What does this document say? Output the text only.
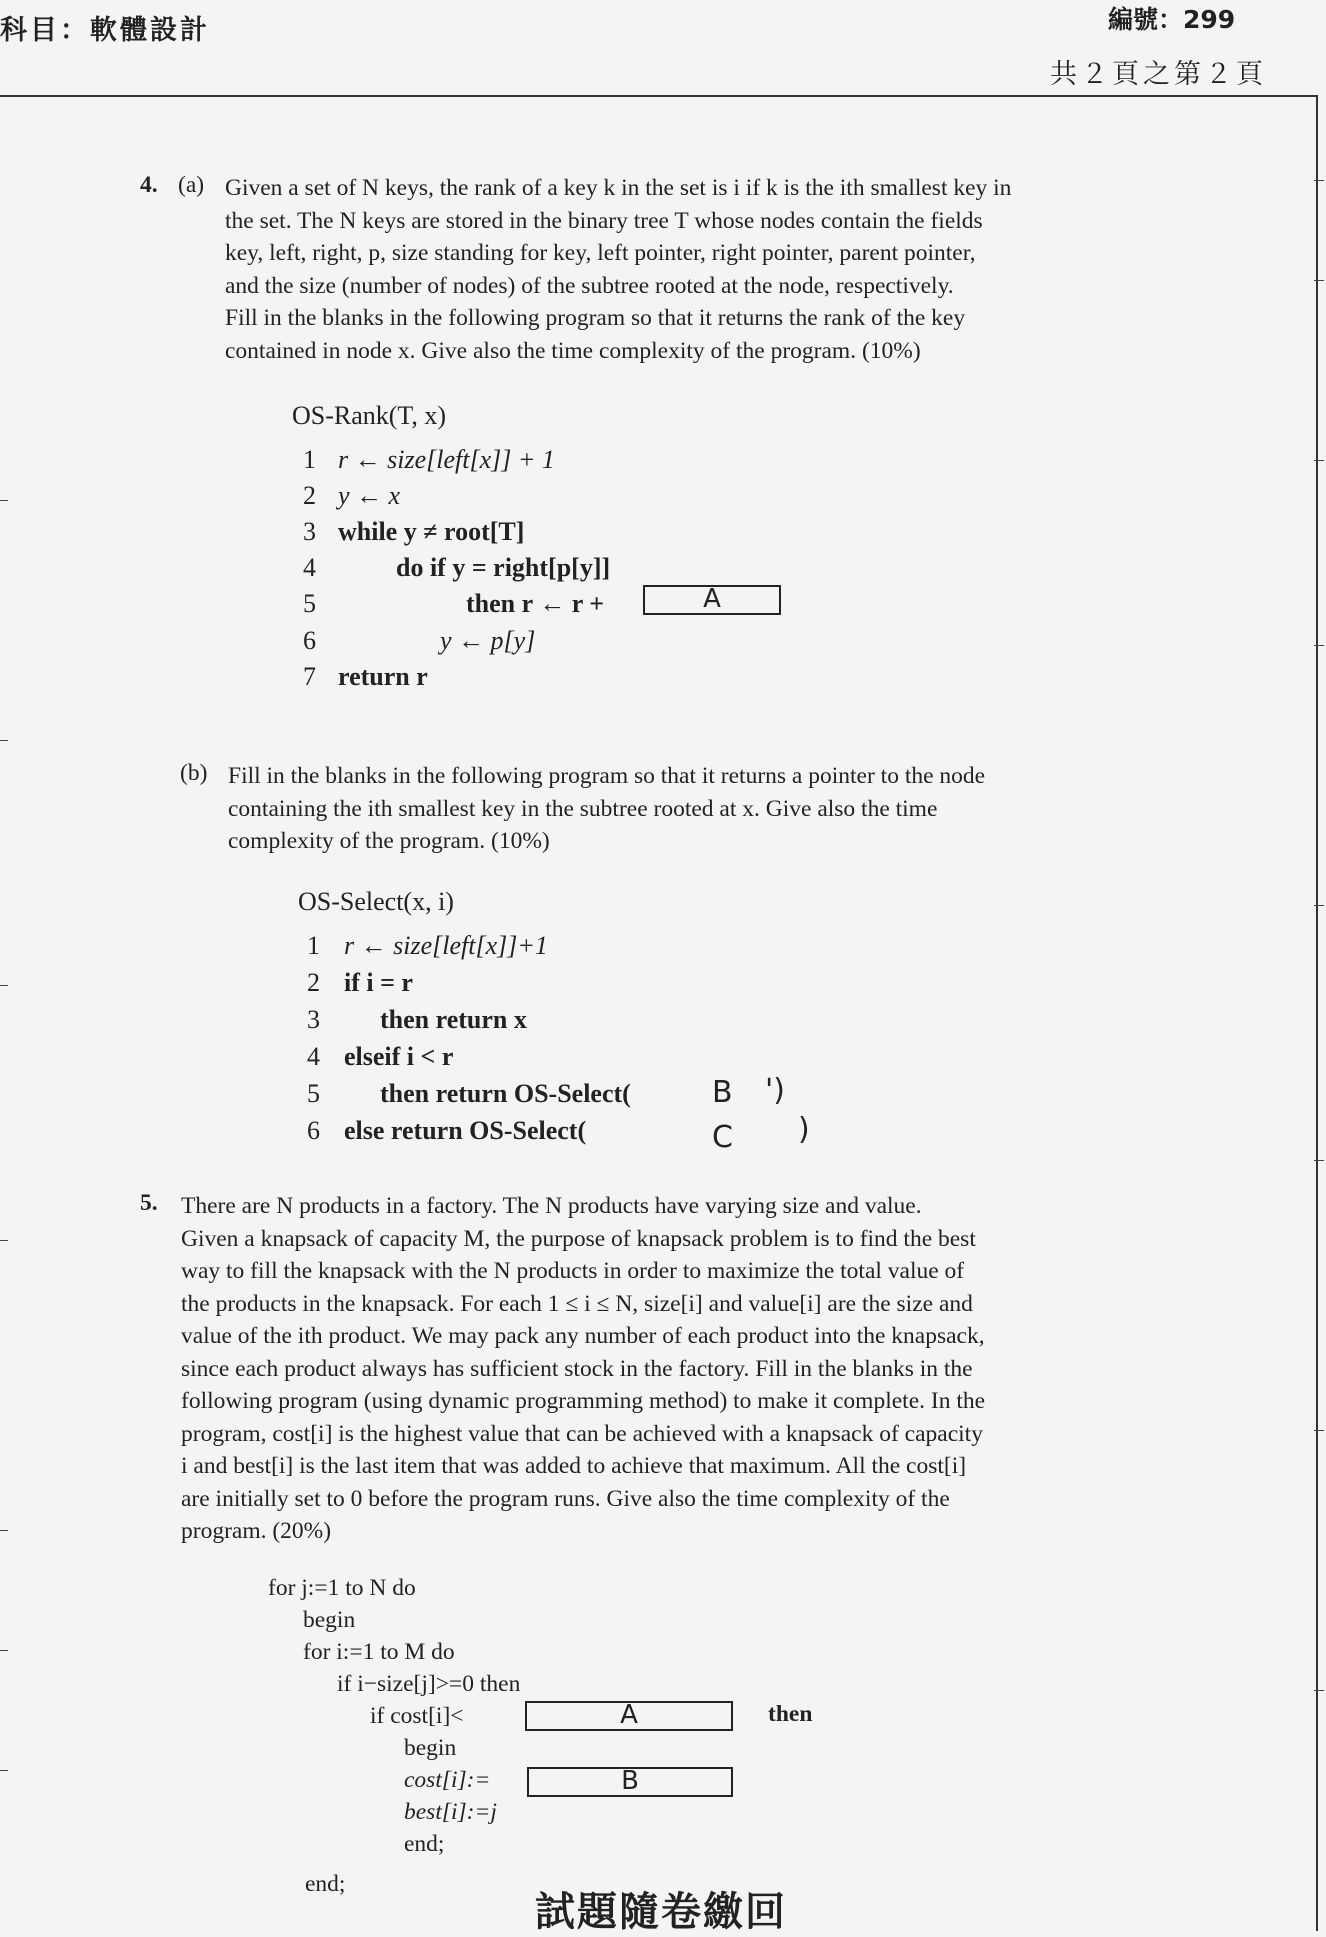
科目：軟體設計	編號：299
共２頁之第２頁
4. (a) Given a set of N keys, the rank of a key k in the set is i if k is the ith smallest key in
the set. The N keys are stored in the binary tree T whose nodes contain the fields
key, left, right, p, size standing for key, left pointer, right pointer, parent pointer,
and the size (number of nodes) of the subtree rooted at the node, respectively.
Fill in the blanks in the following program so that it returns the rank of the key
contained in node x. Give also the time complexity of the program. (10%)
OS-Rank(T, x)
1 r ← size[left[x]] + 1
2 y ← x
3 while y ≠ root[T]
4	do if y = right[p[y]]
5	then r ← r +
6	y ← p[y]
7 return r
A
(b) Fill in the blanks in the following program so that it returns a pointer to the node
containing the ith smallest key in the subtree rooted at x. Give also the time
complexity of the program. (10%)
OS-Select(x, i)
1 r ← size[left[x]]+1
2 if i = r
3 then return x
4 elseif i < r
5 then return OS-Select(
6 else return OS-Select(
B ')
C )
5. There are N products in a factory. The N products have varying size and value.
Given a knapsack of capacity M, the purpose of knapsack problem is to find the best
way to fill the knapsack with the N products in order to maximize the total value of
the products in the knapsack. For each 1 ≤ i ≤ N, size[i] and value[i] are the size and
value of the ith product. We may pack any number of each product into the knapsack,
since each product always has sufficient stock in the factory. Fill in the blanks in the
following program (using dynamic programming method) to make it complete. In the
program, cost[i] is the highest value that can be achieved with a knapsack of capacity
i and best[i] is the last item that was added to achieve that maximum. All the cost[i]
are initially set to 0 before the program runs. Give also the time complexity of the
program. (20%)
for j:=1 to N do
begin
for i:=1 to M do
if i−size[j]>=0 then
if cost[i]<
begin
cost[i]:=
best[i]:=j
end;
end;
then
A
B
試題隨卷繳回
